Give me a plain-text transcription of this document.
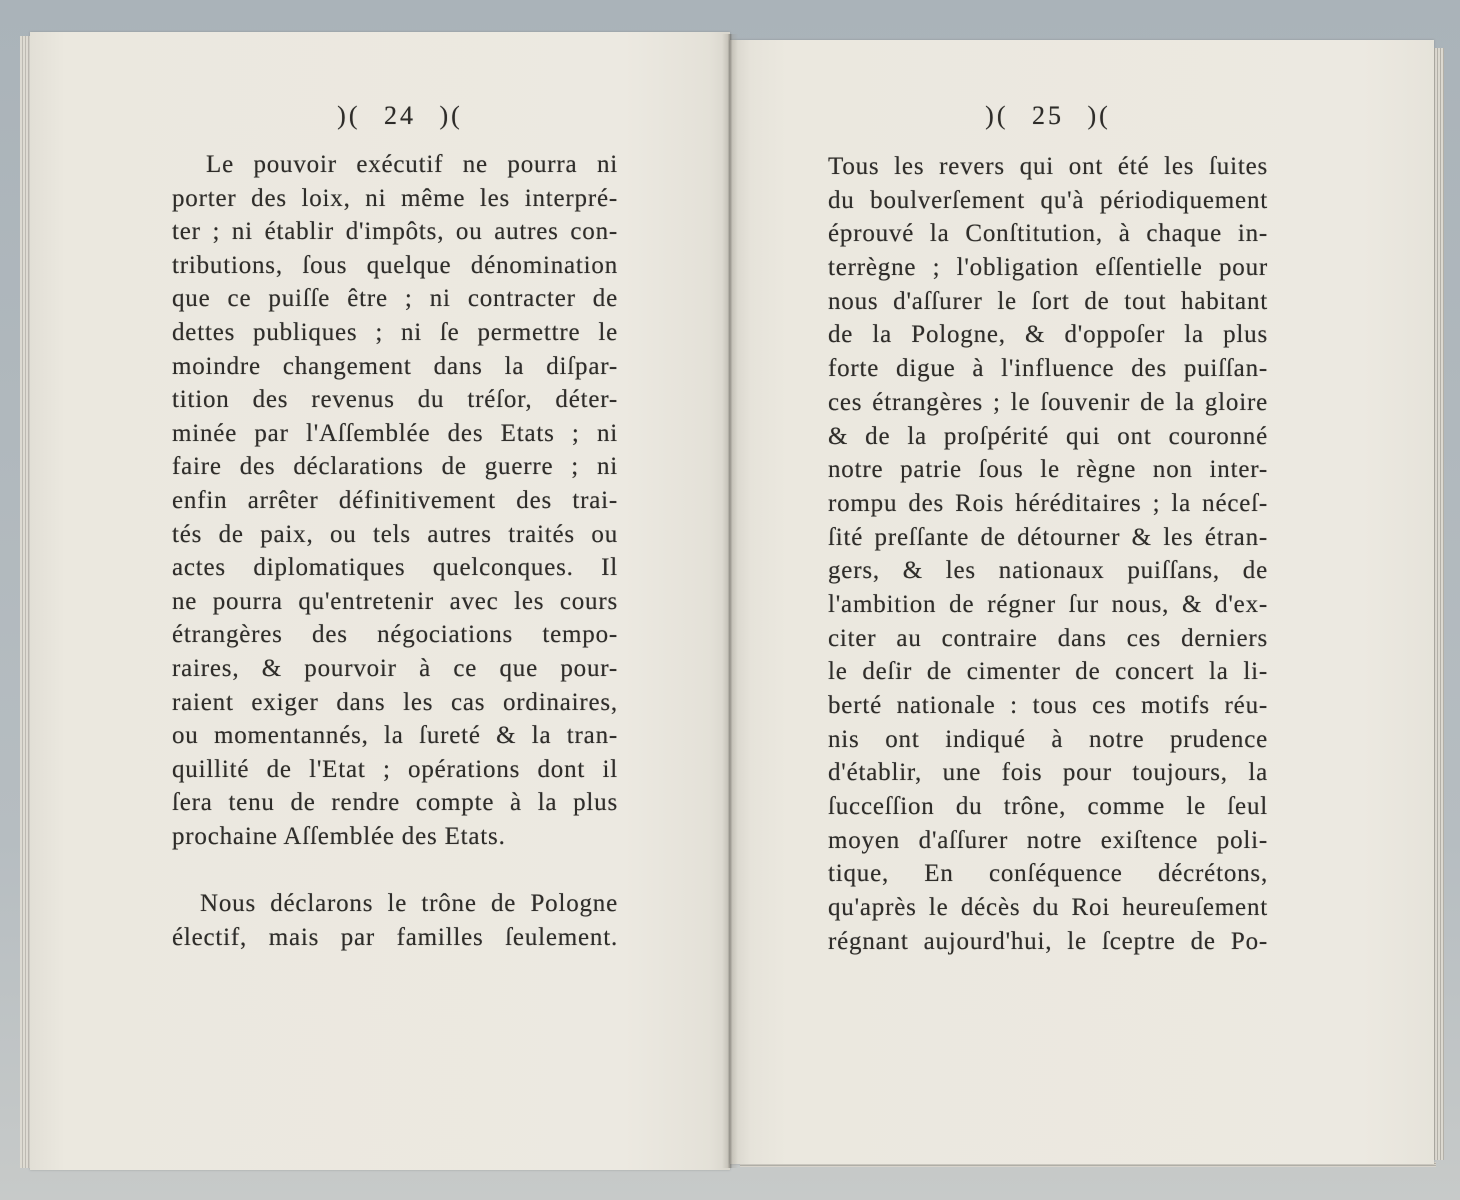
)( 24 )(	)( 25 )(
Le pouvoir exécutif ne pourra ni
porter des loix, ni même les interpré-
ter ; ni établir d'impôts, ou autres con-
tributions, ſous quelque dénomination
que ce puiſſe être ; ni contracter de
dettes publiques ; ni ſe permettre le
moindre changement dans la diſpar-
tition des revenus du tréſor, déter-
minée par l'Aſſemblée des Etats ; ni
faire des déclarations de guerre ; ni
enfin arrêter définitivement des trai-
tés de paix, ou tels autres traités ou
actes diplomatiques quelconques. Il
ne pourra qu'entretenir avec les cours
étrangères des négociations tempo-
raires, & pourvoir à ce que pour-
raient exiger dans les cas ordinaires,
ou momentannés, la ſureté & la tran-
quillité de l'Etat ; opérations dont il
ſera tenu de rendre compte à la plus
prochaine Aſſemblée des Etats.
Nous déclarons le trône de Pologne
électif, mais par familles ſeulement.
Tous les revers qui ont été les ſuites
du boulverſement qu'à périodiquement
éprouvé la Conſtitution, à chaque in-
terrègne ; l'obligation eſſentielle pour
nous d'aſſurer le ſort de tout habitant
de la Pologne, & d'oppoſer la plus
forte digue à l'influence des puiſſan-
ces étrangères ; le ſouvenir de la gloire
& de la proſpérité qui ont couronné
notre patrie ſous le règne non inter-
rompu des Rois héréditaires ; la néceſ-
ſité preſſante de détourner & les étran-
gers, & les nationaux puiſſans, de
l'ambition de régner ſur nous, & d'ex-
citer au contraire dans ces derniers
le deſir de cimenter de concert la li-
berté nationale : tous ces motifs réu-
nis ont indiqué à notre prudence
d'établir, une fois pour toujours, la
ſucceſſion du trône, comme le ſeul
moyen d'aſſurer notre exiſtence poli-
tique, En conſéquence décrétons,
qu'après le décès du Roi heureuſement
régnant aujourd'hui, le ſceptre de Po-
